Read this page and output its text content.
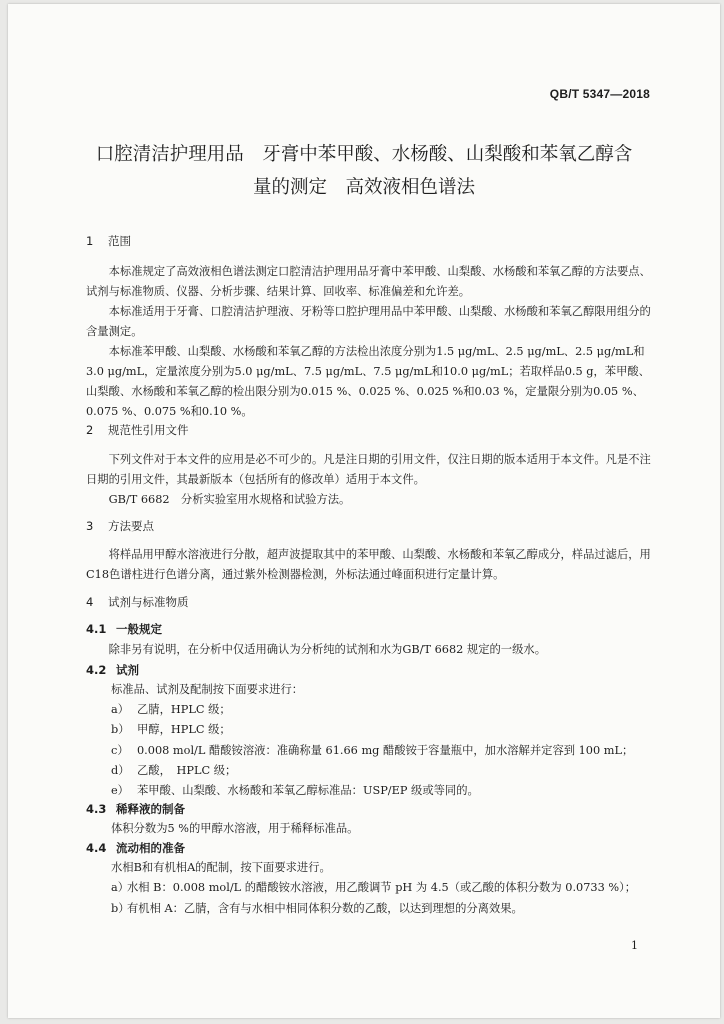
QB/T 5347—2018
口腔清洁护理用品　牙膏中苯甲酸、水杨酸、山梨酸和苯氧乙醇含
量的测定　高效液相色谱法
1 范围

本标准规定了高效液相色谱法测定口腔清洁护理用品牙膏中苯甲酸、山梨酸、水杨酸和苯氧乙醇的方法要点、试剂与标准物质、仪器、分析步骤、结果计算、回收率、标准偏差和允许差。

本标准适用于牙膏、口腔清洁护理液、牙粉等口腔护理用品中苯甲酸、山梨酸、水杨酸和苯氧乙醇限用组分的含量测定。

本标准苯甲酸、山梨酸、水杨酸和苯氧乙醇的方法检出浓度分别为1.5 μg/mL、2.5 μg/mL、2.5 μg/mL和3.0 μg/mL，定量浓度分别为5.0 μg/mL、7.5 μg/mL、7.5 μg/mL和10.0 μg/mL；若取样品0.5 g，苯甲酸、山梨酸、水杨酸和苯氧乙醇的检出限分别为0.015 %、0.025 %、0.025 %和0.03 %，定量限分别为0.05 %、0.075 %、0.075 %和0.10 %。

2 规范性引用文件

下列文件对于本文件的应用是必不可少的。凡是注日期的引用文件，仅注日期的版本适用于本文件。凡是不注日期的引用文件，其最新版本（包括所有的修改单）适用于本文件。

GB/T 6682　分析实验室用水规格和试验方法。

3 方法要点

将样品用甲醇水溶液进行分散，超声波提取其中的苯甲酸、山梨酸、水杨酸和苯氧乙醇成分，样品过滤后，用C18色谱柱进行色谱分离，通过紫外检测器检测，外标法通过峰面积进行定量计算。

4 试剂与标准物质
4.1 一般规定

除非另有说明，在分析中仅适用确认为分析纯的试剂和水为GB/T 6682 规定的一级水。

4.2 试剂
标准品、试剂及配制按下面要求进行：
a） 乙腈，HPLC 级；
b） 甲醇，HPLC 级；
c） 0.008 mol/L 醋酸铵溶液：准确称量 61.66 mg 醋酸铵于容量瓶中，加水溶解并定容到 100 mL；
d） 乙酸，　HPLC 级；
e） 苯甲酸、山梨酸、水杨酸和苯氧乙醇标准品：USP/EP 级或等同的。
4.3 稀释液的制备
体积分数为5 %的甲醇水溶液，用于稀释标准品。
4.4 流动相的准备
水相B和有机相A的配制，按下面要求进行。
a）水相 B：0.008 mol/L 的醋酸铵水溶液，用乙酸调节 pH 为 4.5（或乙酸的体积分数为 0.0733 %）；
b）有机相 A：乙腈，含有与水相中相同体积分数的乙酸，以达到理想的分离效果。
1
